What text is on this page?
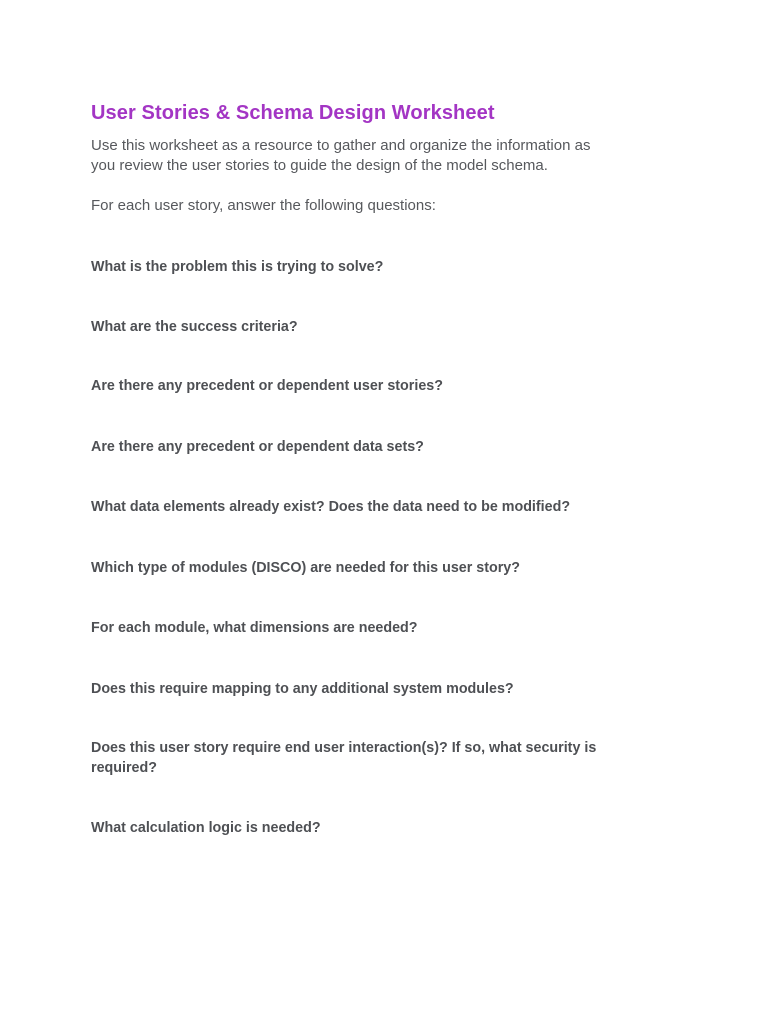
User Stories & Schema Design Worksheet

Use this worksheet as a resource to gather and organize the information as
you review the user stories to guide the design of the model schema.

For each user story, answer the following questions:

What is the problem this is trying to solve?

What are the success criteria?

Are there any precedent or dependent user stories?

Are there any precedent or dependent data sets?

What data elements already exist? Does the data need to be modified?

Which type of modules (DISCO) are needed for this user story?

For each module, what dimensions are needed?

Does this require mapping to any additional system modules?

Does this user story require end user interaction(s)? If so, what security is
required?

What calculation logic is needed?
